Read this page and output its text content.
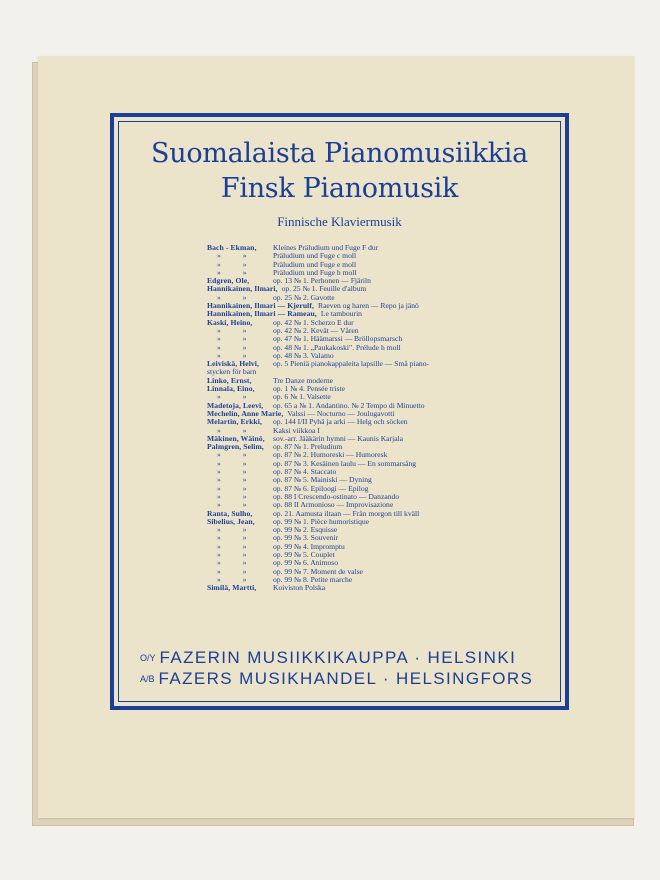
Suomalaista Pianomusiikkia
Finsk Pianomusik
Finnische Klaviermusik
Bach - Ekman, Kleines Präludium und Fuge F dur
» » Präludium und Fuge c moll
» » Präludium und Fuge e moll
» » Präludium und Fuge h moll
Edgren, Ole,	op. 13 № 1. Perhonen — Fjäriln
Hannikainen, Ilmari, op. 25 № 1. Feuille d'album
» » op. 25 № 2. Gavotte
Hannikainen, Ilmari — Kjerulf, Raeven og haren — Repo ja jänö
Hannikainen, Ilmari — Rameau, Le tambourin
Kaski, Heino,	op. 42 № 1. Scherzo E dur
» » op. 42 № 2. Kevät — Våren
» » op. 47 № 1. Häämarssi — Bröllopsmarsch
» » op. 48 № 1. „Paukakoski". Prélude h moll
» » op. 48 № 3. Valamo
Leiviskä, Helvi, op. 5 Pieniä pianokappaleita lapsille — Små piano-
stycken för barn
Linko, Ernst,	Tre Danze moderne
Linnala, Eino, op. 1 № 4. Pensée triste
» » op. 6 № 1. Valsette
Madetoja, Leevi, op. 65 a № 1. Andantino. № 2 Tempo di Minuetto
Mechelin, Anne Marie, Valssi — Nocturno — Joulugavotti
Melartin, Erkki, op. 144 I/II Pyhä ja arki — Helg och söcken
» » Kaksi viikkoa I
Mäkinen, Wäinö, sov.-arr. Jääkärin hymni — Kaunis Karjala
Palmgren, Selim, op. 87 № 1. Preludium
» » op. 87 № 2. Humoreski — Humoresk
» » op. 87 № 3. Kesäinen laulu — En sommarsång
» » op. 87 № 4. Staccato
» » op. 87 № 5. Mainiski — Dyning
» » op. 87 № 6. Epiloogi — Epilog
» » op. 88 I Crescendo-ostinato — Danzando
» » op. 88 II Armonioso — Improvisazione
Ranta, Sulho,	op. 21. Aamusta iltaan — Från morgon till kväll
Sibelius, Jean, op. 99 № 1. Pièce humoristique
» » op. 99 № 2. Esquisse
» » op. 99 № 3. Souvenir
» » op. 99 № 4. Impromptu
» » op. 99 № 5. Couplet
» » op. 99 № 6. Animoso
» » op. 99 № 7. Moment de valse
» » op. 99 № 8. Petite marche
Similä, Martti, Koiviston Polska
O/Y FAZERIN MUSIIKKIKAUPPA · HELSINKI
A/B FAZERS MUSIKHANDEL · HELSINGFORS
